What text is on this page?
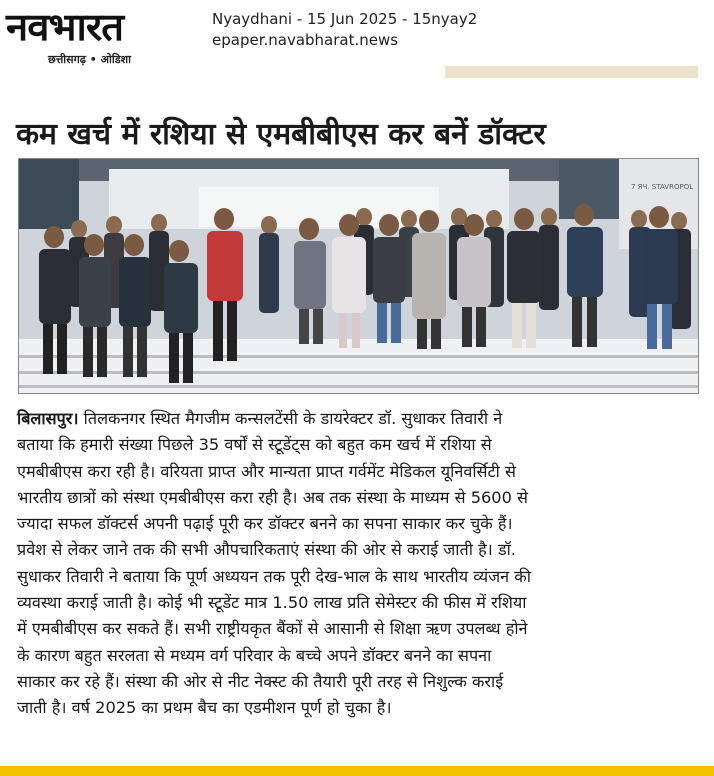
नवभारत
छत्तीसगढ़ • ओडिशा
Nyaydhani - 15 Jun 2025 - 15nyay2
epaper.navabharat.news
कम खर्च में रशिया से एमबीबीएस कर बनें डॉक्टर
7 ЯЧ. STAVROPOL
बिलासपुर। तिलकनगर स्थित मैगजीम कन्सलटेंसी के डायरेक्टर डॉ. सुधाकर तिवारी ने
बताया कि हमारी संख्या पिछले 35 वर्षों से स्टूडेंट्स को बहुत कम खर्च में रशिया से
एमबीबीएस करा रही है। वरियता प्राप्त और मान्यता प्राप्त गर्वमेंट मेडिकल यूनिवर्सिटी से
भारतीय छात्रों को संस्था एमबीबीएस करा रही है। अब तक संस्था के माध्यम से 5600 से
ज्यादा सफल डॉक्टर्स अपनी पढ़ाई पूरी कर डॉक्टर बनने का सपना साकार कर चुके हैं।
प्रवेश से लेकर जाने तक की सभी औपचारिकताएं संस्था की ओर से कराई जाती है। डॉ.
सुधाकर तिवारी ने बताया कि पूर्ण अध्ययन तक पूरी देख-भाल के साथ भारतीय व्यंजन की
व्यवस्था कराई जाती है। कोई भी स्टूडेंट मात्र 1.50 लाख प्रति सेमेस्टर की फीस में रशिया
में एमबीबीएस कर सकते हैं। सभी राष्ट्रीयकृत बैंकों से आसानी से शिक्षा ऋण उपलब्ध होने
के कारण बहुत सरलता से मध्यम वर्ग परिवार के बच्चे अपने डॉक्टर बनने का सपना
साकार कर रहे हैं। संस्था की ओर से नीट नेक्स्ट की तैयारी पूरी तरह से निशुल्क कराई
जाती है। वर्ष 2025 का प्रथम बैच का एडमीशन पूर्ण हो चुका है।
